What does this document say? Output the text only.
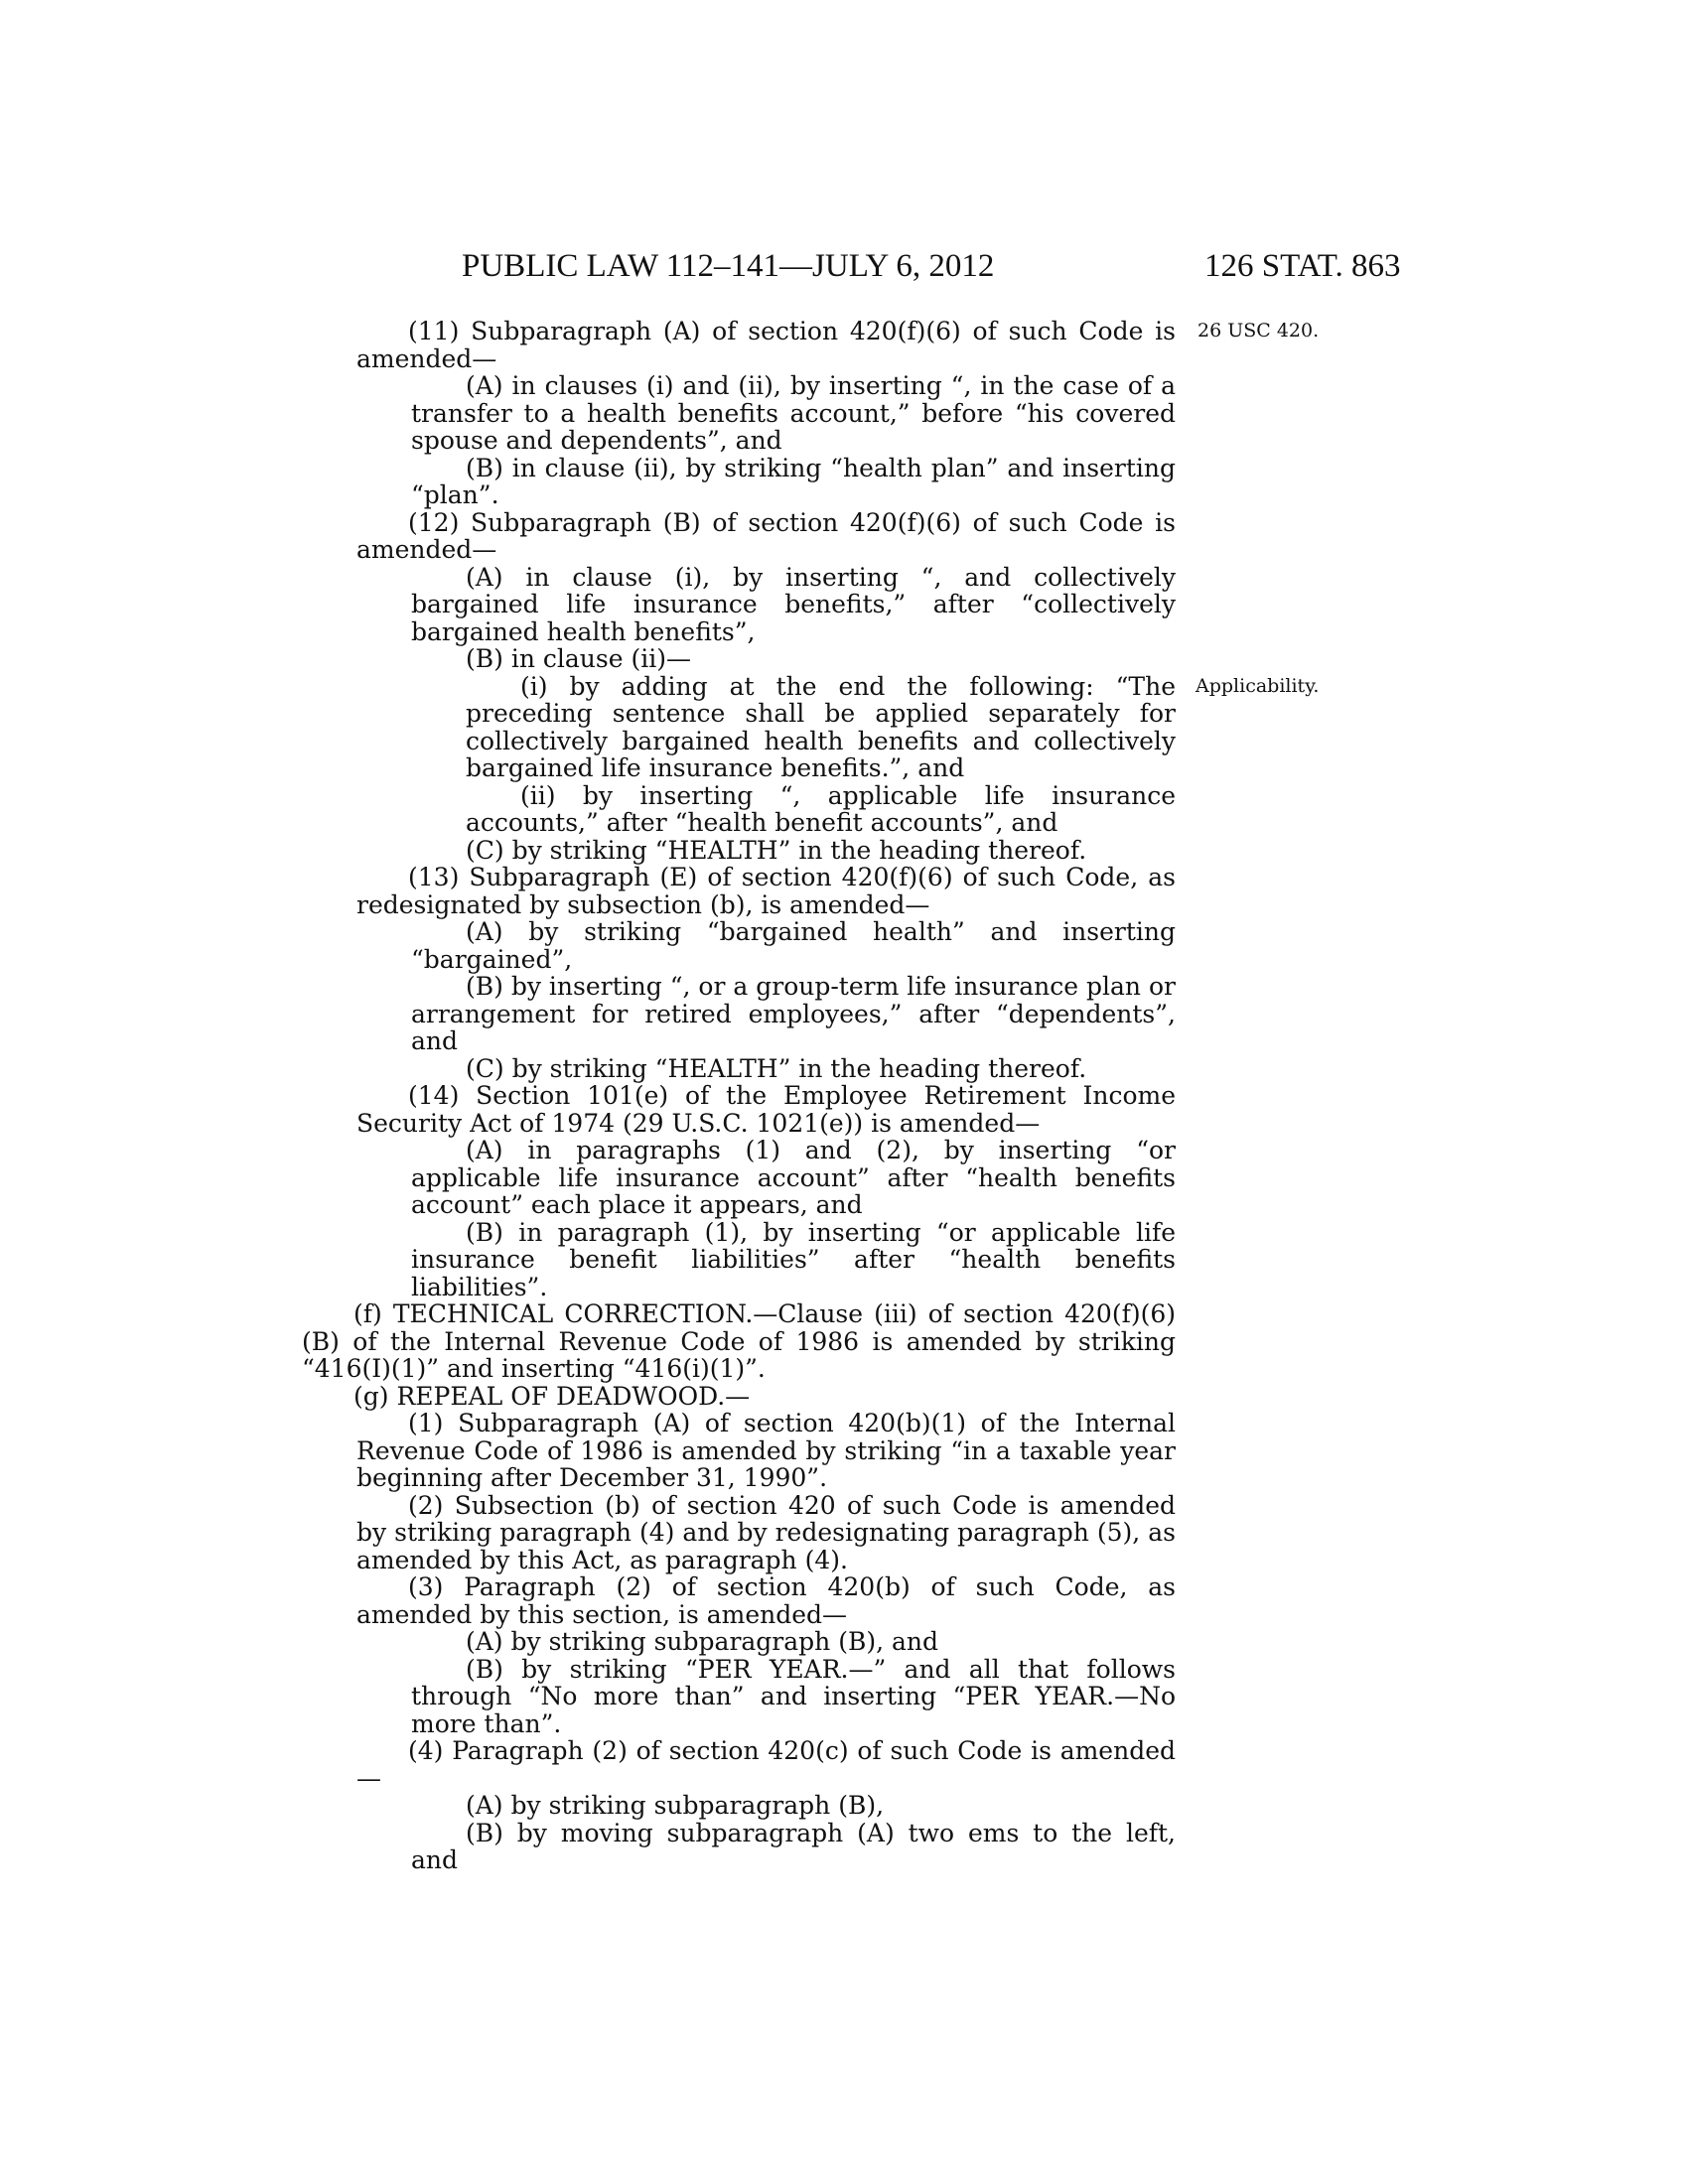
PUBLIC LAW 112–141—JULY 6, 2012	126 STAT. 863
26 USC 420.
Applicability.

(11) Subparagraph (A) of section 420(f)(6) of such Code is amended—

(A) in clauses (i) and (ii), by inserting “, in the case of a transfer to a health benefits account,” before “his covered spouse and dependents”, and

(B) in clause (ii), by striking “health plan” and inserting “plan”.

(12) Subparagraph (B) of section 420(f)(6) of such Code is amended—

(A) in clause (i), by inserting “, and collectively bargained life insurance benefits,” after “collectively bargained health benefits”,

(B) in clause (ii)—

(i) by adding at the end the following: “The preceding sentence shall be applied separately for collectively bargained health benefits and collectively bargained life insurance benefits.”, and

(ii) by inserting “, applicable life insurance accounts,” after “health benefit accounts”, and

(C) by striking “HEALTH” in the heading thereof.

(13) Subparagraph (E) of section 420(f)(6) of such Code, as redesignated by subsection (b), is amended—

(A) by striking “bargained health” and inserting “bargained”,

(B) by inserting “, or a group-term life insurance plan or arrangement for retired employees,” after “dependents”, and

(C) by striking “HEALTH” in the heading thereof.

(14) Section 101(e) of the Employee Retirement Income Security Act of 1974 (29 U.S.C. 1021(e)) is amended—

(A) in paragraphs (1) and (2), by inserting “or applicable life insurance account” after “health benefits account” each place it appears, and

(B) in paragraph (1), by inserting “or applicable life insurance benefit liabilities” after “health benefits liabilities”.

(f) TECHNICAL CORRECTION.—Clause (iii) of section 420(f)(6)(B) of the Internal Revenue Code of 1986 is amended by striking “416(I)(1)” and inserting “416(i)(1)”.

(g) REPEAL OF DEADWOOD.—

(1) Subparagraph (A) of section 420(b)(1) of the Internal Revenue Code of 1986 is amended by striking “in a taxable year beginning after December 31, 1990”.

(2) Subsection (b) of section 420 of such Code is amended by striking paragraph (4) and by redesignating paragraph (5), as amended by this Act, as paragraph (4).

(3) Paragraph (2) of section 420(b) of such Code, as amended by this section, is amended—

(A) by striking subparagraph (B), and

(B) by striking “PER YEAR.—” and all that follows through “No more than” and inserting “PER YEAR.—No more than”.

(4) Paragraph (2) of section 420(c) of such Code is amended—

(A) by striking subparagraph (B),

(B) by moving subparagraph (A) two ems to the left, and
